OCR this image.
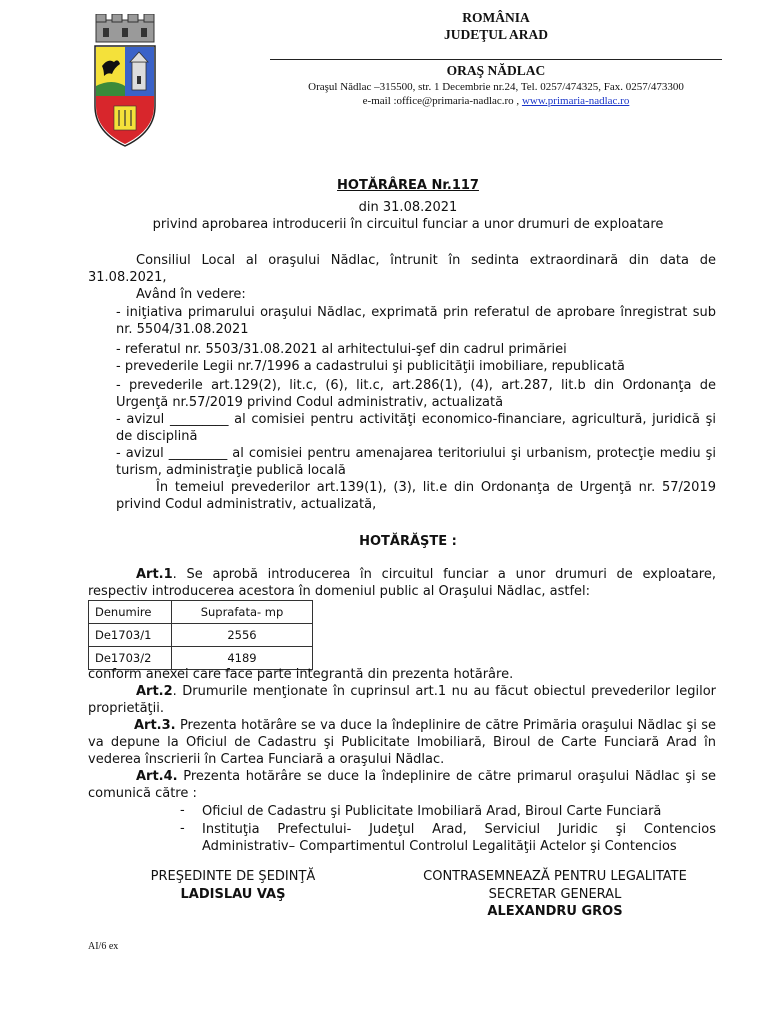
ROMÂNIA
JUDEŢUL ARAD
ORAŞ NĂDLAC
Oraşul Nădlac –315500, str. 1 Decembrie nr.24, Tel. 0257/474325, Fax. 0257/473300
e-mail :office@primaria-nadlac.ro , www.primaria-nadlac.ro
HOTĂRÂREA Nr.117
din 31.08.2021
privind aprobarea introducerii în circuitul funciar a unor drumuri de exploatare
Consiliul Local al oraşului Nădlac, întrunit în sedinta extraordinară din data de
31.08.2021,
Având în vedere:
- iniţiativa primarului oraşului Nădlac, exprimată prin referatul de aprobare înregistrat sub nr. 5504/31.08.2021
- referatul nr. 5503/31.08.2021 al arhitectului-şef din cadrul primăriei
- prevederile Legii nr.7/1996 a cadastrului şi publicităţii imobiliare, republicată
- prevederile art.129(2), lit.c, (6), lit.c, art.286(1), (4), art.287, lit.b din Ordonanţa de Urgenţă nr.57/2019 privind Codul administrativ, actualizată
- avizul _________ al comisiei pentru activităţi economico-financiare, agricultură, juridică şi de disciplină
- avizul _________ al comisiei pentru amenajarea teritoriului şi urbanism, protecţie mediu şi turism, administraţie publică locală
În temeiul prevederilor art.139(1), (3), lit.e din Ordonanţa de Urgenţă nr. 57/2019 privind Codul administrativ, actualizată,
HOTĂRĂŞTE :
Art.1. Se aprobă introducerea în circuitul funciar a unor drumuri de exploatare, respectiv introducerea acestora în domeniul public al Oraşului Nădlac, astfel:
Denumire	Suprafata- mp
De1703/1	2556
De1703/2	4189
conform anexei care face parte integrantă din prezenta hotărâre.
Art.2. Drumurile menţionate în cuprinsul art.1 nu au făcut obiectul prevederilor legilor proprietăţii.
Art.3. Prezenta hotărâre se va duce la îndeplinire de către Primăria oraşului Nădlac şi se va depune la Oficiul de Cadastru şi Publicitate Imobiliară, Biroul de Carte Funciară Arad în vederea înscrierii în Cartea Funciară a oraşului Nădlac.
Art.4. Prezenta hotărâre se duce la îndeplinire de către primarul oraşului Nădlac şi se comunică către :
- Oficiul de Cadastru şi Publicitate Imobiliară Arad, Biroul Carte Funciară
- Instituţia Prefectului- Judeţul Arad, Serviciul Juridic şi Contencios Administrativ– Compartimentul Controlul Legalităţii Actelor şi Contencios
PREŞEDINTE DE ŞEDINŢĂ
LADISLAU VAŞ
CONTRASEMNEAZĂ PENTRU LEGALITATE
SECRETAR GENERAL
ALEXANDRU GROS
AI/6 ex
